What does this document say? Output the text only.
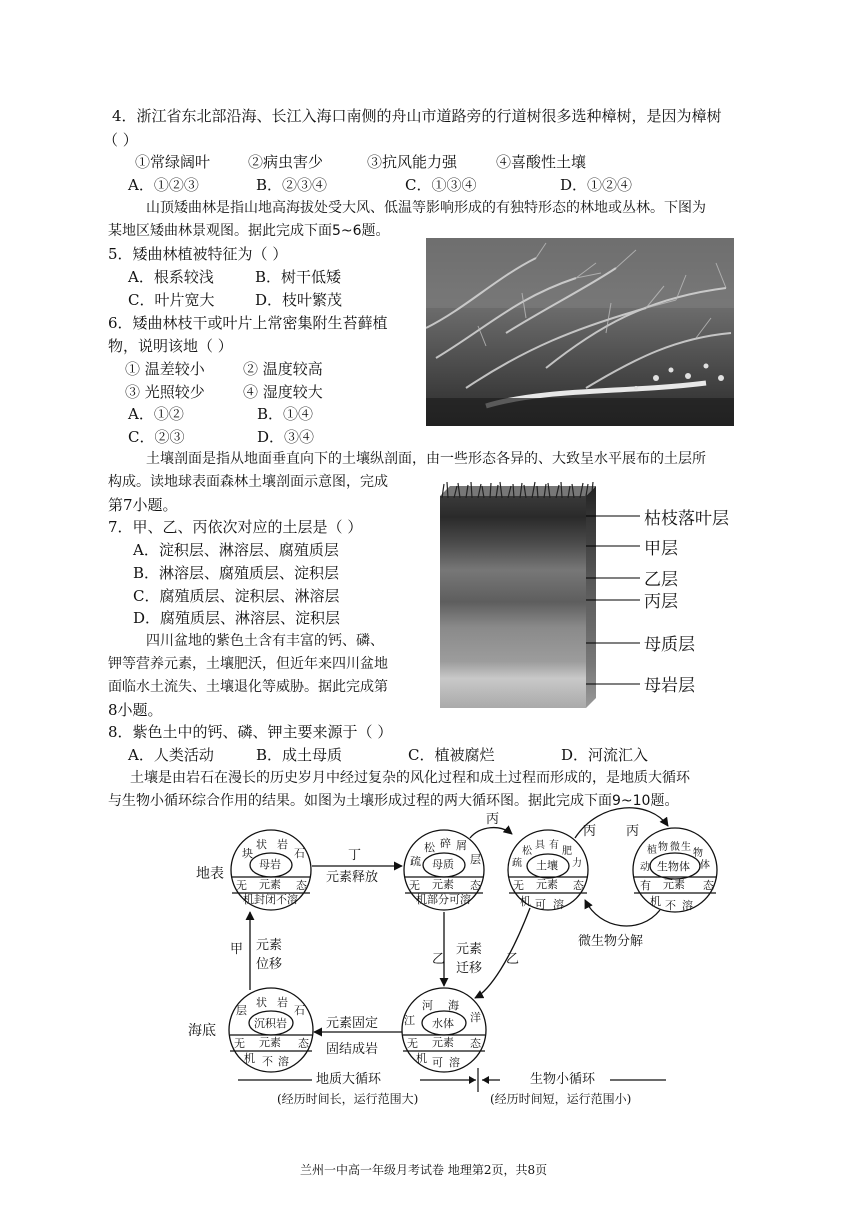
4．浙江省东北部沿海、长江入海口南侧的舟山市道路旁的行道树很多选种樟树，是因为樟树
（ ）
①常绿阔叶	②病虫害少	③抗风能力强	④喜酸性土壤
A．①②③	B．②③④	C．①③④	D．①②④
山顶矮曲林是指山地高海拔处受大风、低温等影响形成的有独特形态的林地或丛林。下图为
某地区矮曲林景观图。据此完成下面5~6题。
5．矮曲林植被特征为（ ）
A．根系较浅	B．树干低矮
C．叶片宽大	D．枝叶繁茂
6．矮曲林枝干或叶片上常密集附生苔藓植
物，说明该地（ ）
① 温差较小	② 温度较高
③ 光照较少	④ 湿度较大
A．①②	B．①④
C．②③	D．③④
土壤剖面是指从地面垂直向下的土壤纵剖面，由一些形态各异的、大致呈水平展布的土层所
构成。读地球表面森林土壤剖面示意图，完成
第7小题。
7．甲、乙、丙依次对应的土层是（ ）
A．淀积层、淋溶层、腐殖质层
B．淋溶层、腐殖质层、淀积层
C．腐殖质层、淀积层、淋溶层
D．腐殖质层、淋溶层、淀积层
枯枝落叶层
甲层
乙层
丙层
母质层
母岩层
四川盆地的紫色土含有丰富的钙、磷、
钾等营养元素，土壤肥沃，但近年来四川盆地
面临水土流失、土壤退化等威胁。据此完成第
8小题。
8．紫色土中的钙、磷、钾主要来源于（ ）
A．人类活动	B．成土母质	C．植被腐烂	D．河流汇入
土壤是由岩石在漫长的历史岁月中经过复杂的风化过程和成土过程而形成的，是地质大循环
与生物小循环综合作用的结果。如图为土壤形成过程的两大循环图。据此完成下面9~10题。
地表
海底
块
状 岩
石
母岩
元素
无
机 封闭不溶
态
疏
松 碎 屑
层
母质
元素
无
机 部分可溶
态
疏
松
具 有
肥
力
土壤
元素
无
机 可 溶
态
植 物 微 生
物
体
动 生物体
元素
有
机 不 溶
态
层
状 岩
石
沉积岩
元素
无
机 不 溶
态
江
河 海
洋
水体
元素
无
机 可 溶
态
丁
元素释放
丙
丙 丙
微生物分解
甲 元素
位移	乙
元素
迁移
乙
元素固定
固结成岩
地质大循环
(经历时间长，运行范围大)
生物小循环
(经历时间短，运行范围小)
兰州一中高一年级月考试卷 地理第2页，共8页
